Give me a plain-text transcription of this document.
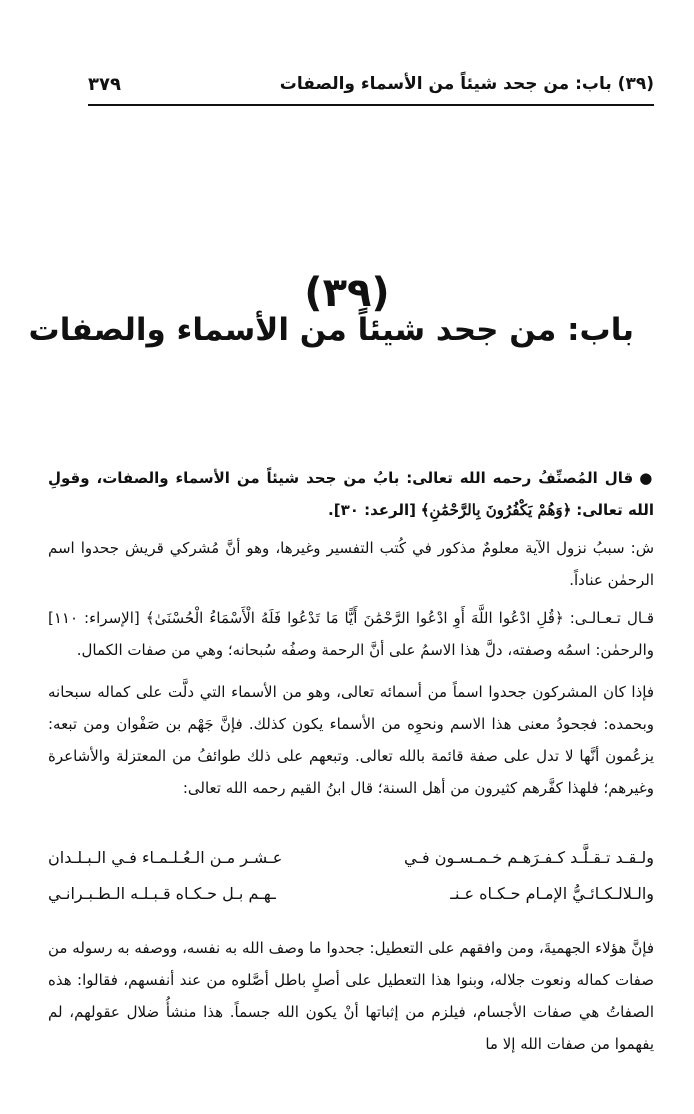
(٣٩) باب: من جحد شيئاً من الأسماء والصفات
٣٧٩
(٣٩)
باب: من جحد شيئاً من الأسماء والصفات

●قال المُصنِّفُ رحمه الله تعالى: بابُ من جحد شيئاً من الأسماء والصفات، وقولِ الله تعالى: ﴿وَهُمْ يَكْفُرُونَ بِالرَّحْمَٰنِ﴾ [الرعد: ٣٠].

ش: سببُ نزول الآية معلومٌ مذكور في كُتب التفسير وغيرها، وهو أنَّ مُشركي قريش جحدوا اسم الرحمٰن عناداً.

قـال تـعـالـى: ﴿قُلِ ادْعُوا اللَّهَ أَوِ ادْعُوا الرَّحْمَٰنَ أَيًّا مَا تَدْعُوا فَلَهُ الْأَسْمَاءُ الْحُسْنَىٰ﴾ [الإسراء: ١١٠] والرحمٰن: اسمُه وصفته، دلَّ هذا الاسمُ على أنَّ الرحمة وصفُه سُبحانه؛ وهي من صفات الكمال.

فإذا كان المشركون جحدوا اسماً من أسمائه تعالى، وهو من الأسماء التي دلَّت على كماله سبحانه وبحمده: فجحودُ معنى هذا الاسم ونحوِه من الأسماء يكون كذلك. فإنَّ جَهْم بن صَفْوان ومن تبعه: يزعُمون أنَّها لا تدل على صفة قائمة بالله تعالى. وتبعهم على ذلك طوائفُ من المعتزلة والأشاعرة وغيرهم؛ فلهذا كفَّرهم كثيرون من أهل السنة؛ قال ابنُ القيم رحمه الله تعالى:

ولـقـد تـقـلَّـد كـفـرَهـم خـمـسـون فـي
عـشـر مـن الـعُـلـمـاء فـي الـبـلـدان
والـلالـكـائـيُّ الإمـام حـكـاه عـنـ
ـهـم بـل حـكـاه قـبـلـه الـطـبـرانـي

فإنَّ هؤلاء الجهميةَ، ومن وافقهم على التعطيل: جحدوا ما وصف الله به نفسه، ووصفه به رسوله من صفات كماله ونعوت جلاله، وبنوا هذا التعطيل على أصلٍ باطل أصَّلوه من عند أنفسهم، فقالوا: هذه الصفاتُ هي صفات الأجسام، فيلزم من إثباتها أنْ يكون الله جسماً. هذا منشأُ ضلال عقولهم، لم يفهموا من صفات الله إلا ما
